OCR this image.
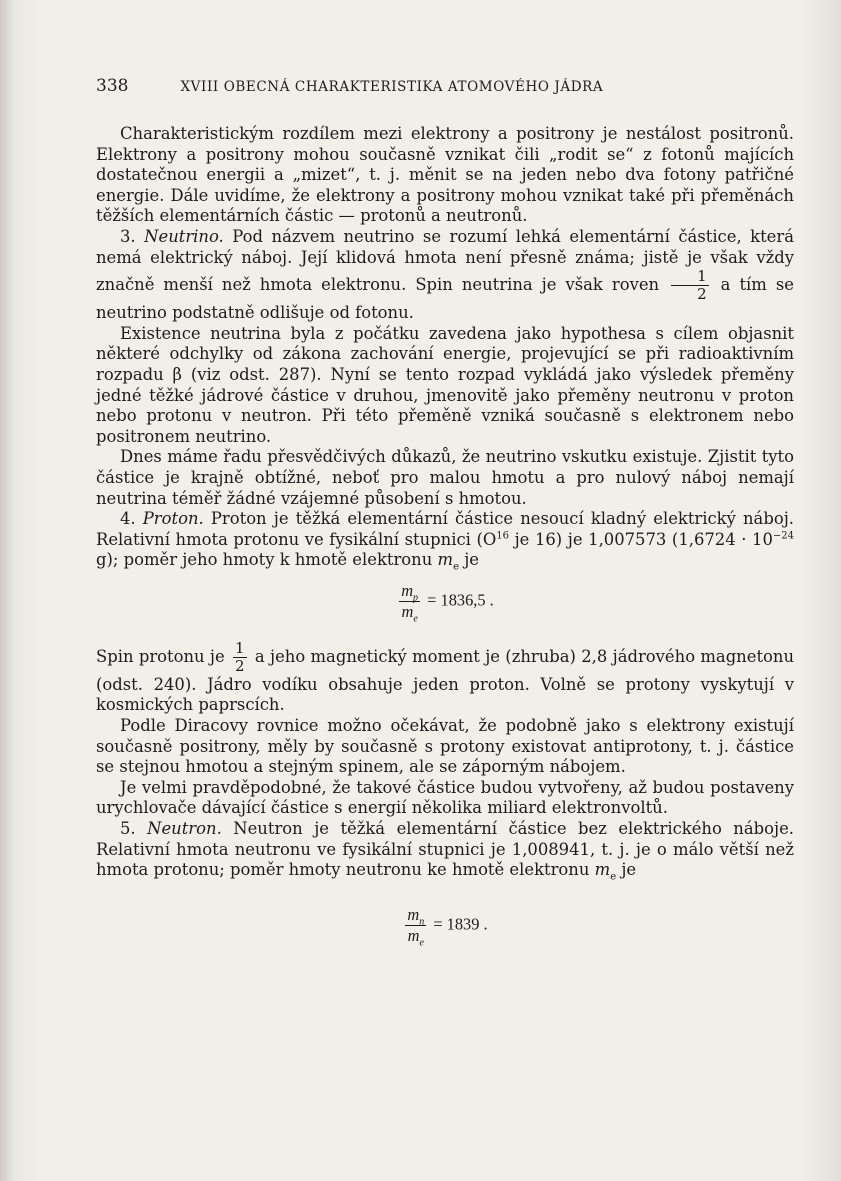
338	XVIII OBECNÁ CHARAKTERISTIKA ATOMOVÉHO JÁDRA

Charakteristickým rozdílem mezi elektrony a positrony je nestálost positronů. Elektrony a positrony mohou současně vznikat čili „rodit se“ z fotonů majících dostatečnou energii a „mizet“, t. j. měnit se na jeden nebo dva fotony patřičné energie. Dále uvidíme, že elektrony a positrony mohou vznikat také při přeměnách těžších elementárních částic — protonů a neutronů.

3. Neutrino. Pod názvem neutrino se rozumí lehká elementární částice, která nemá elektrický náboj. Její klidová hmota není přesně známa; jistě je však vždy značně menší než hmota elektronu. Spin neutrina je však roven $\frac{1}{2}$ a tím se neutrino podstatně odlišuje od fotonu.

Existence neutrina byla z počátku zavedena jako hypothesa s cílem objasnit některé odchylky od zákona zachování energie, projevující se při radioaktivním rozpadu β (viz odst. 287). Nyní se tento rozpad vykládá jako výsledek přeměny jedné těžké jádrové částice v druhou, jmenovitě jako přeměny neutronu v proton nebo protonu v neutron. Při této přeměně vzniká současně s elektronem nebo positronem neutrino.

Dnes máme řadu přesvědčivých důkazů, že neutrino vskutku existuje. Zjistit tyto částice je krajně obtížné, neboť pro malou hmotu a pro nulový náboj nemají neutrina téměř žádné vzájemné působení s hmotou.

4. Proton. Proton je těžká elementární částice nesoucí kladný elektrický náboj. Relativní hmota protonu ve fysikální stupnici ($O^{16}$ je 16) je 1,007573 ($1,6724 \cdot 10^{-24}$ g); poměr jeho hmoty k hmotě elektronu $m_e$ je

$\frac{m_p}{m_e} = 1836,5$ .

Spin protonu je $\frac{1}{2}$ a jeho magnetický moment je (zhruba) 2,8 jádrového magnetonu (odst. 240). Jádro vodíku obsahuje jeden proton. Volně se protony vyskytují v kosmických paprscích.

Podle Diracovy rovnice možno očekávat, že podobně jako s elektrony existují současně positrony, měly by současně s protony existovat antiprotony, t. j. částice se stejnou hmotou a stejným spinem, ale se záporným nábojem.

Je velmi pravděpodobné, že takové částice budou vytvořeny, až budou postaveny urychlovače dávající částice s energií několika miliard elektronvoltů.

5. Neutron. Neutron je těžká elementární částice bez elektrického náboje. Relativní hmota neutronu ve fysikální stupnici je 1,008941, t. j. je o málo větší než hmota protonu; poměr hmoty neutronu ke hmotě elektronu $m_e$ je

$\frac{m_n}{m_e} = 1839$ .
